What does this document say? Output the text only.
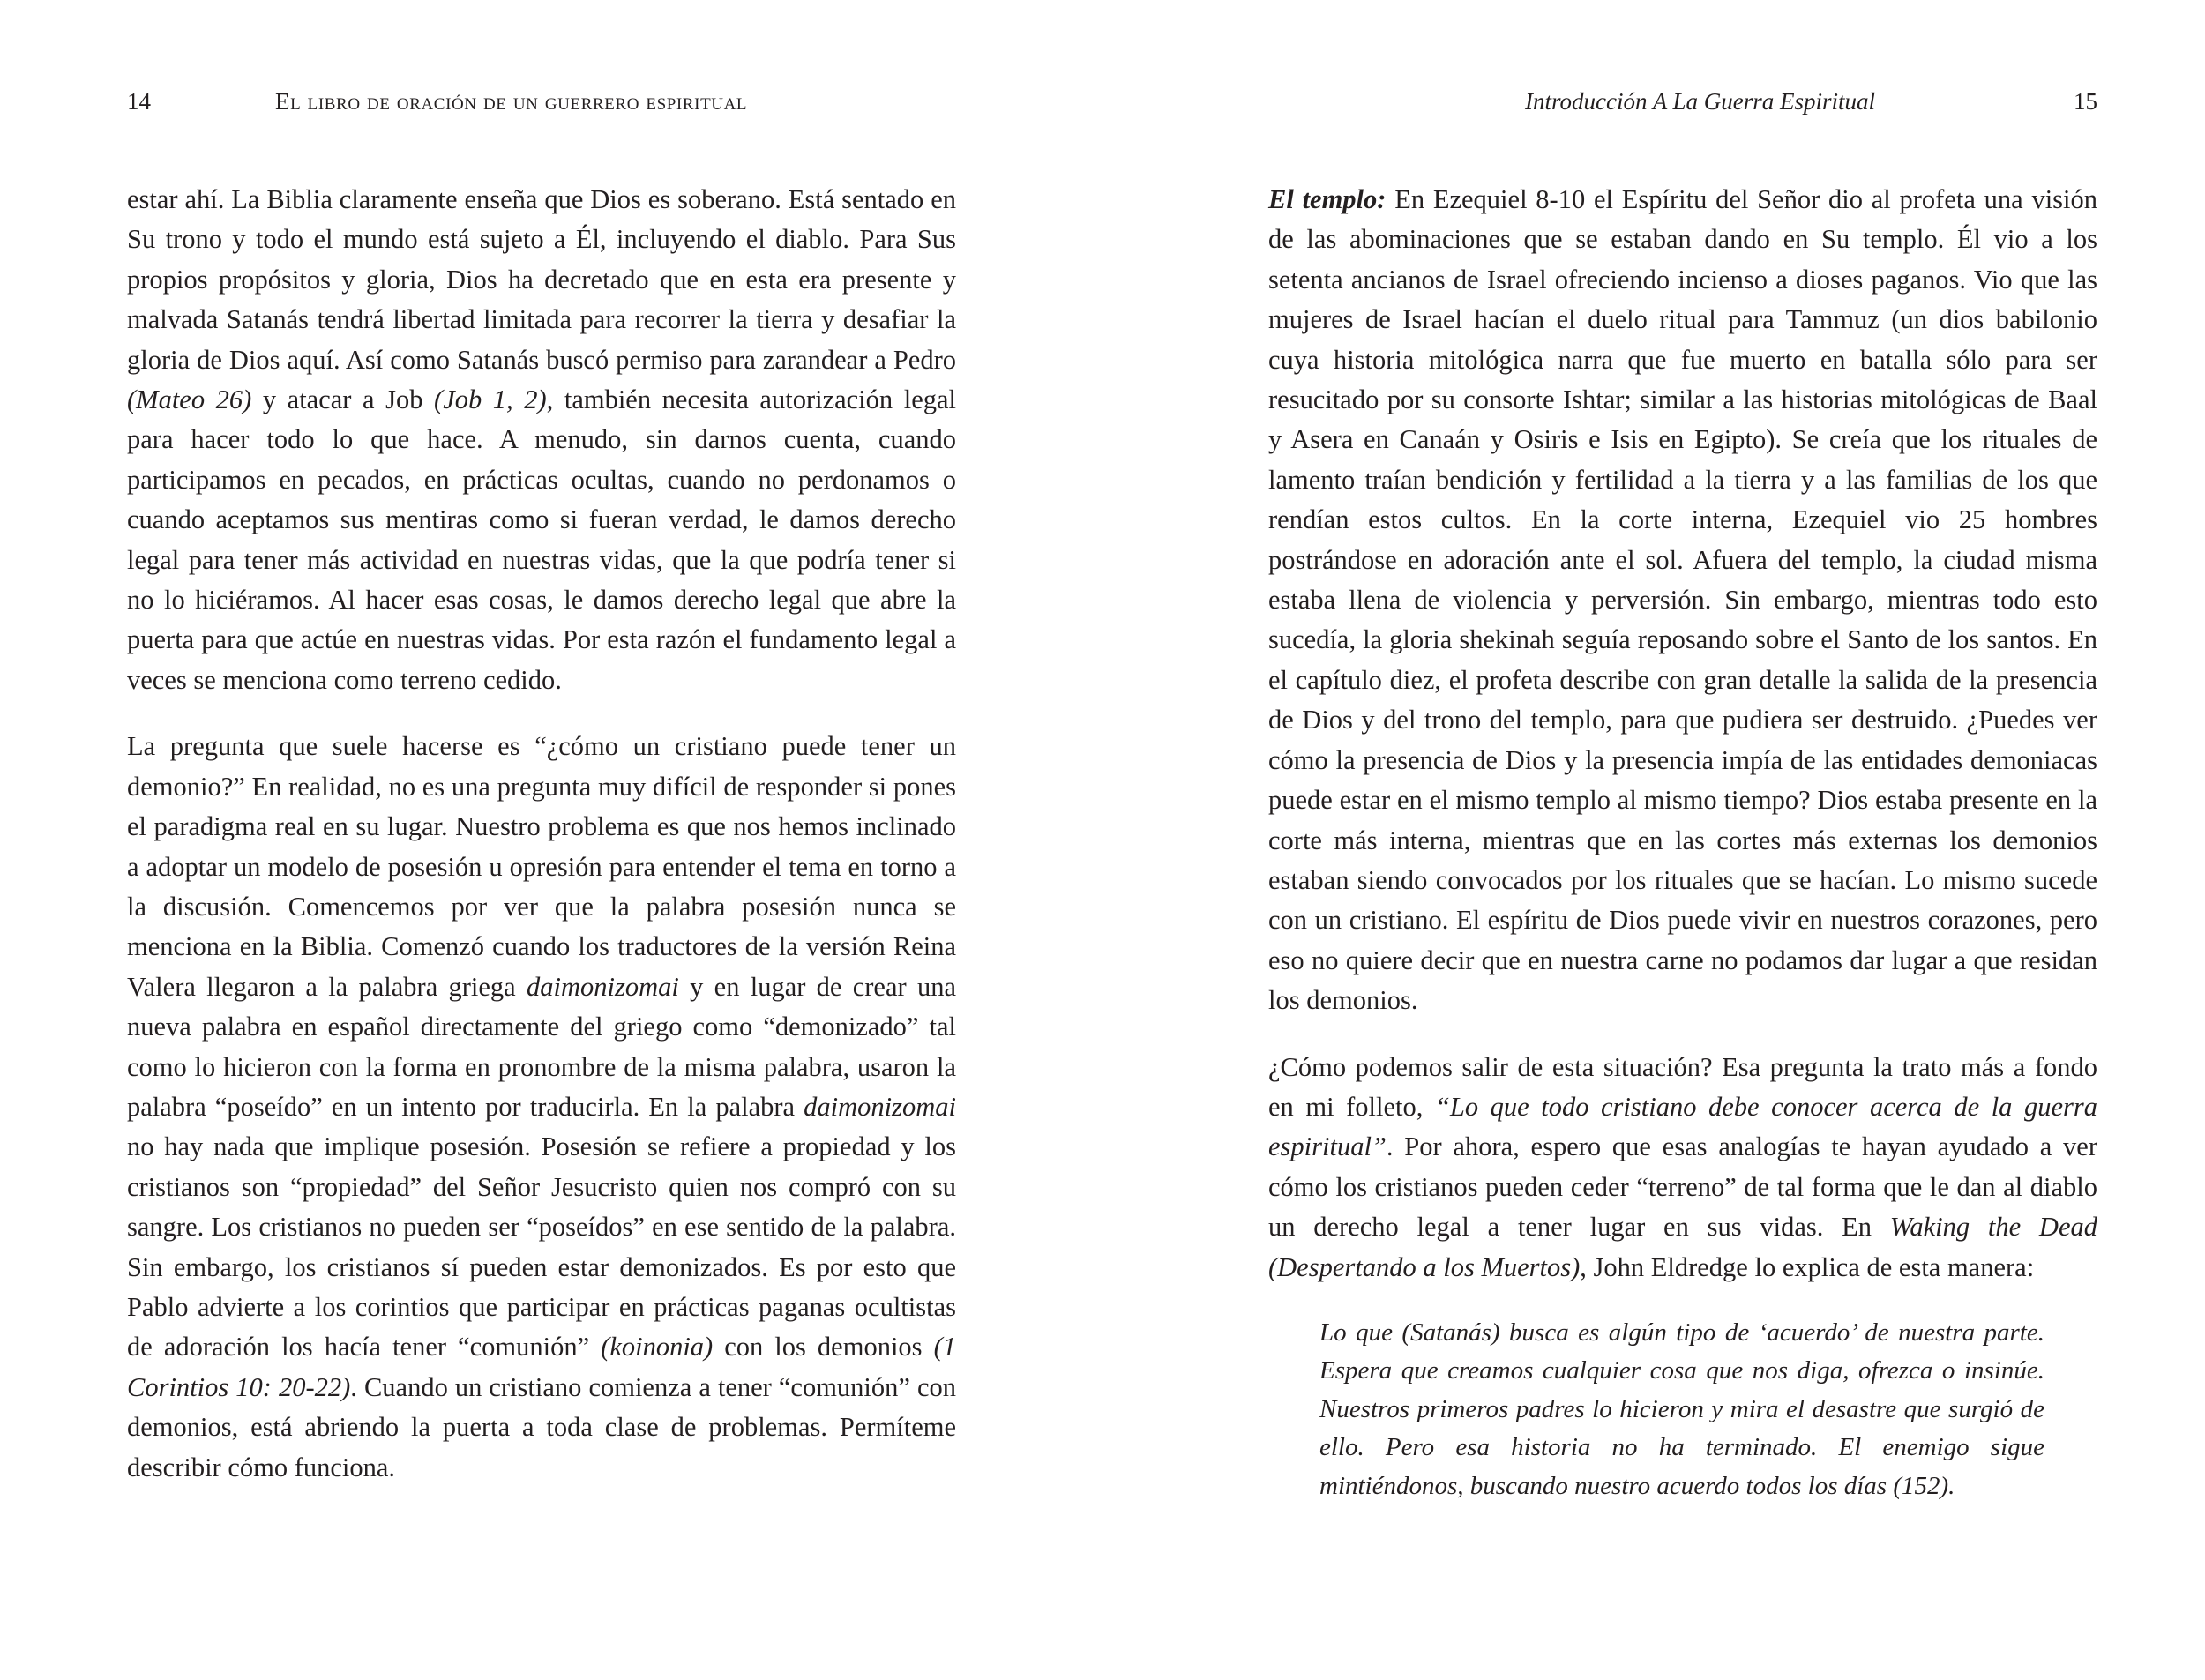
14	El libro de oración de un guerrero espiritual

estar ahí. La Biblia claramente enseña que Dios es soberano. Está sentado en Su trono y todo el mundo está sujeto a Él, incluyendo el diablo. Para Sus propios propósitos y gloria, Dios ha decretado que en esta era presente y malvada Satanás tendrá libertad limitada para recorrer la tierra y desafiar la gloria de Dios aquí. Así como Satanás buscó permiso para zarandear a Pedro (Mateo 26) y atacar a Job (Job 1, 2), también necesita autorización legal para hacer todo lo que hace. A menudo, sin darnos cuenta, cuando participamos en pecados, en prácticas ocultas, cuando no perdonamos o cuando aceptamos sus mentiras como si fueran verdad, le damos derecho legal para tener más actividad en nuestras vidas, que la que podría tener si no lo hiciéramos. Al hacer esas cosas, le damos derecho legal que abre la puerta para que actúe en nuestras vidas. Por esta razón el fundamento legal a veces se menciona como terreno cedido.

La pregunta que suele hacerse es “¿cómo un cristiano puede tener un demonio?” En realidad, no es una pregunta muy difícil de responder si pones el paradigma real en su lugar. Nuestro problema es que nos hemos inclinado a adoptar un modelo de posesión u opresión para entender el tema en torno a la discusión. Comencemos por ver que la palabra posesión nunca se menciona en la Biblia. Comenzó cuando los traductores de la versión Reina Valera llegaron a la palabra griega daimonizomai y en lugar de crear una nueva palabra en español directamente del griego como “demonizado” tal como lo hicieron con la forma en pronombre de la misma palabra, usaron la palabra “poseído” en un intento por traducirla. En la palabra daimonizomai no hay nada que implique posesión. Posesión se refiere a propiedad y los cristianos son “propiedad” del Señor Jesucristo quien nos compró con su sangre. Los cristianos no pueden ser “poseídos” en ese sentido de la palabra. Sin embargo, los cristianos sí pueden estar demonizados. Es por esto que Pablo advierte a los corintios que participar en prácticas paganas ocultistas de adoración los hacía tener “comunión” (koinonia) con los demonios (1 Corintios 10: 20-22). Cuando un cristiano comienza a tener “comunión” con demonios, está abriendo la puerta a toda clase de problemas. Permíteme describir cómo funciona.

Introducción A La Guerra Espiritual	15

El templo: En Ezequiel 8-10 el Espíritu del Señor dio al profeta una visión de las abominaciones que se estaban dando en Su templo. Él vio a los setenta ancianos de Israel ofreciendo incienso a dioses paganos. Vio que las mujeres de Israel hacían el duelo ritual para Tammuz (un dios babilonio cuya historia mitológica narra que fue muerto en batalla sólo para ser resucitado por su consorte Ishtar; similar a las historias mitológicas de Baal y Asera en Canaán y Osiris e Isis en Egipto). Se creía que los rituales de lamento traían bendición y fertilidad a la tierra y a las familias de los que rendían estos cultos. En la corte interna, Ezequiel vio 25 hombres postrándose en adoración ante el sol. Afuera del templo, la ciudad misma estaba llena de violencia y perversión. Sin embargo, mientras todo esto sucedía, la gloria shekinah seguía reposando sobre el Santo de los santos. En el capítulo diez, el profeta describe con gran detalle la salida de la presencia de Dios y del trono del templo, para que pudiera ser destruido. ¿Puedes ver cómo la presencia de Dios y la presencia impía de las entidades demoniacas puede estar en el mismo templo al mismo tiempo? Dios estaba presente en la corte más interna, mientras que en las cortes más externas los demonios estaban siendo convocados por los rituales que se hacían. Lo mismo sucede con un cristiano. El espíritu de Dios puede vivir en nuestros corazones, pero eso no quiere decir que en nuestra carne no podamos dar lugar a que residan los demonios.

¿Cómo podemos salir de esta situación? Esa pregunta la trato más a fondo en mi folleto, “Lo que todo cristiano debe conocer acerca de la guerra espiritual”. Por ahora, espero que esas analogías te hayan ayudado a ver cómo los cristianos pueden ceder “terreno” de tal forma que le dan al diablo un derecho legal a tener lugar en sus vidas. En Waking the Dead (Despertando a los Muertos), John Eldredge lo explica de esta manera:

Lo que (Satanás) busca es algún tipo de ‘acuerdo’ de nuestra parte. Espera que creamos cualquier cosa que nos diga, ofrezca o insinúe. Nuestros primeros padres lo hicieron y mira el desastre que surgió de ello. Pero esa historia no ha terminado. El enemigo sigue mintiéndonos, buscando nuestro acuerdo todos los días (152).
